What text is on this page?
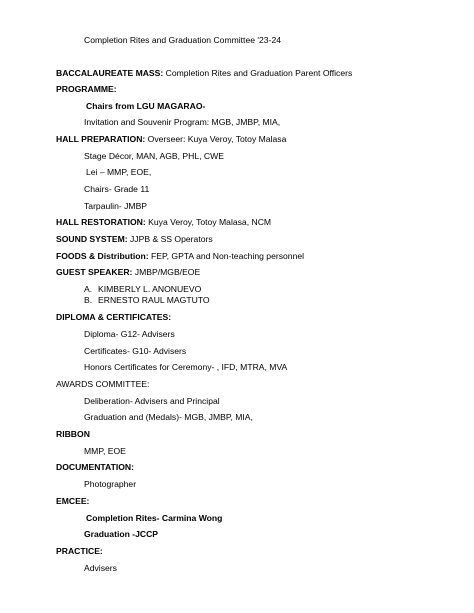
Completion Rites and Graduation Committee '23-24
BACCALAUREATE MASS: Completion Rites and Graduation Parent Officers
PROGRAMME:
Chairs from LGU MAGARAO-
Invitation and Souvenir Program: MGB, JMBP, MIA,
HALL PREPARATION: Overseer: Kuya Veroy, Totoy Malasa
Stage Décor, MAN, AGB, PHL, CWE
Lei – MMP, EOE,
Chairs- Grade 11
Tarpaulin- JMBP
HALL RESTORATION: Kuya Veroy, Totoy Malasa, NCM
SOUND SYSTEM: JJPB & SS Operators
FOODS & Distribution: FEP, GPTA and Non-teaching personnel
GUEST SPEAKER: JMBP/MGB/EOE
A. KIMBERLY L. ANONUEVO
B. ERNESTO RAUL MAGTUTO
DIPLOMA & CERTIFICATES:
Diploma- G12- Advisers
Certificates- G10- Advisers
Honors Certificates for Ceremony- , IFD, MTRA, MVA
AWARDS COMMITTEE:
Deliberation- Advisers and Principal
Graduation and (Medals)- MGB, JMBP, MIA,
RIBBON
MMP, EOE
DOCUMENTATION:
Photographer
EMCEE:
Completion Rites- Carmina Wong
Graduation -JCCP
PRACTICE:
Advisers
